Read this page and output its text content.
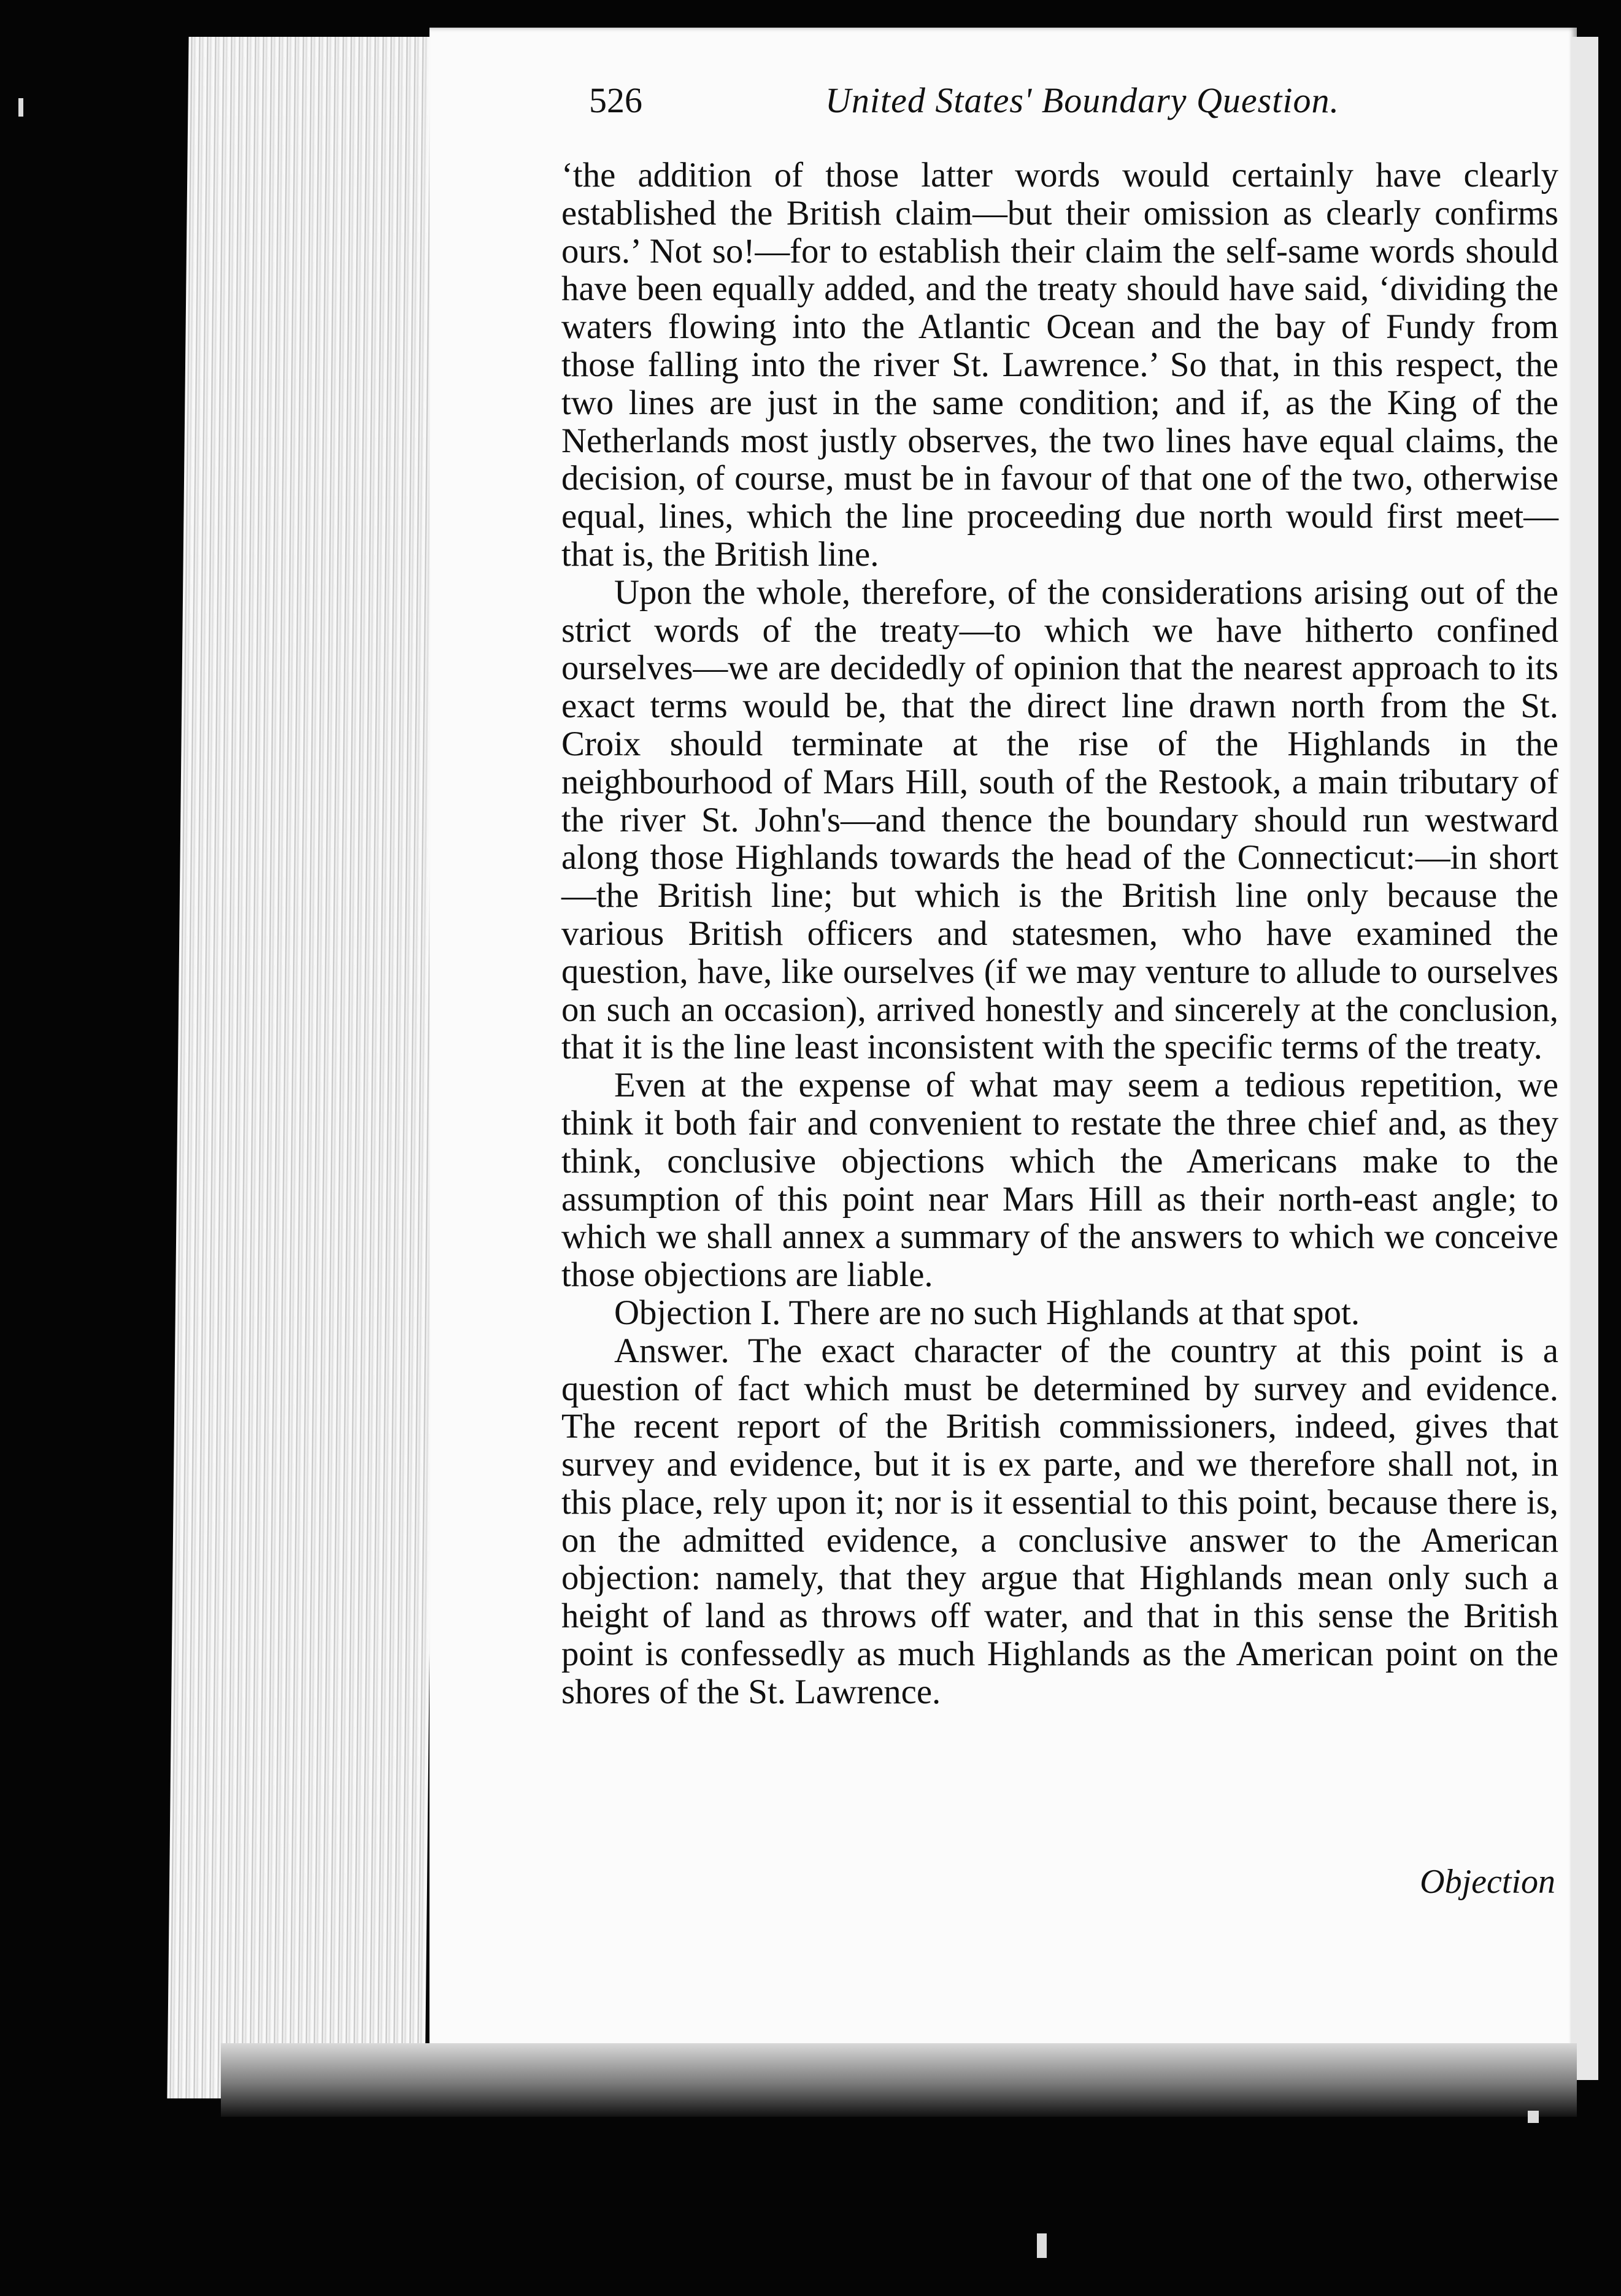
526	United States' Boundary Question.

‘the addition of those latter words would certainly have clearly established the British claim—but their omission as clearly confirms ours.’ Not so!—for to establish their claim the self-same words should have been equally added, and the treaty should have said, ‘dividing the waters flowing into the Atlantic Ocean and the bay of Fundy from those falling into the river St. Lawrence.’ So that, in this respect, the two lines are just in the same condition; and if, as the King of the Netherlands most justly observes, the two lines have equal claims, the decision, of course, must be in favour of that one of the two, otherwise equal, lines, which the line proceeding due north would first meet—that is, the British line.

Upon the whole, therefore, of the considerations arising out of the strict words of the treaty—to which we have hitherto confined ourselves—we are decidedly of opinion that the nearest approach to its exact terms would be, that the direct line drawn north from the St. Croix should terminate at the rise of the Highlands in the neighbourhood of Mars Hill, south of the Restook, a main tributary of the river St. John's—and thence the boundary should run westward along those Highlands towards the head of the Connecticut:—in short—the British line; but which is the British line only because the various British officers and statesmen, who have examined the question, have, like ourselves (if we may venture to allude to ourselves on such an occasion), arrived honestly and sincerely at the conclusion, that it is the line least inconsistent with the specific terms of the treaty.

Even at the expense of what may seem a tedious repetition, we think it both fair and convenient to restate the three chief and, as they think, conclusive objections which the Americans make to the assumption of this point near Mars Hill as their north-east angle; to which we shall annex a summary of the answers to which we conceive those objections are liable.

Objection I. There are no such Highlands at that spot.

Answer. The exact character of the country at this point is a question of fact which must be determined by survey and evidence. The recent report of the British commissioners, indeed, gives that survey and evidence, but it is ex parte, and we therefore shall not, in this place, rely upon it; nor is it essential to this point, because there is, on the admitted evidence, a conclusive answer to the American objection: namely, that they argue that Highlands mean only such a height of land as throws off water, and that in this sense the British point is confessedly as much Highlands as the American point on the shores of the St. Lawrence.

Objection
